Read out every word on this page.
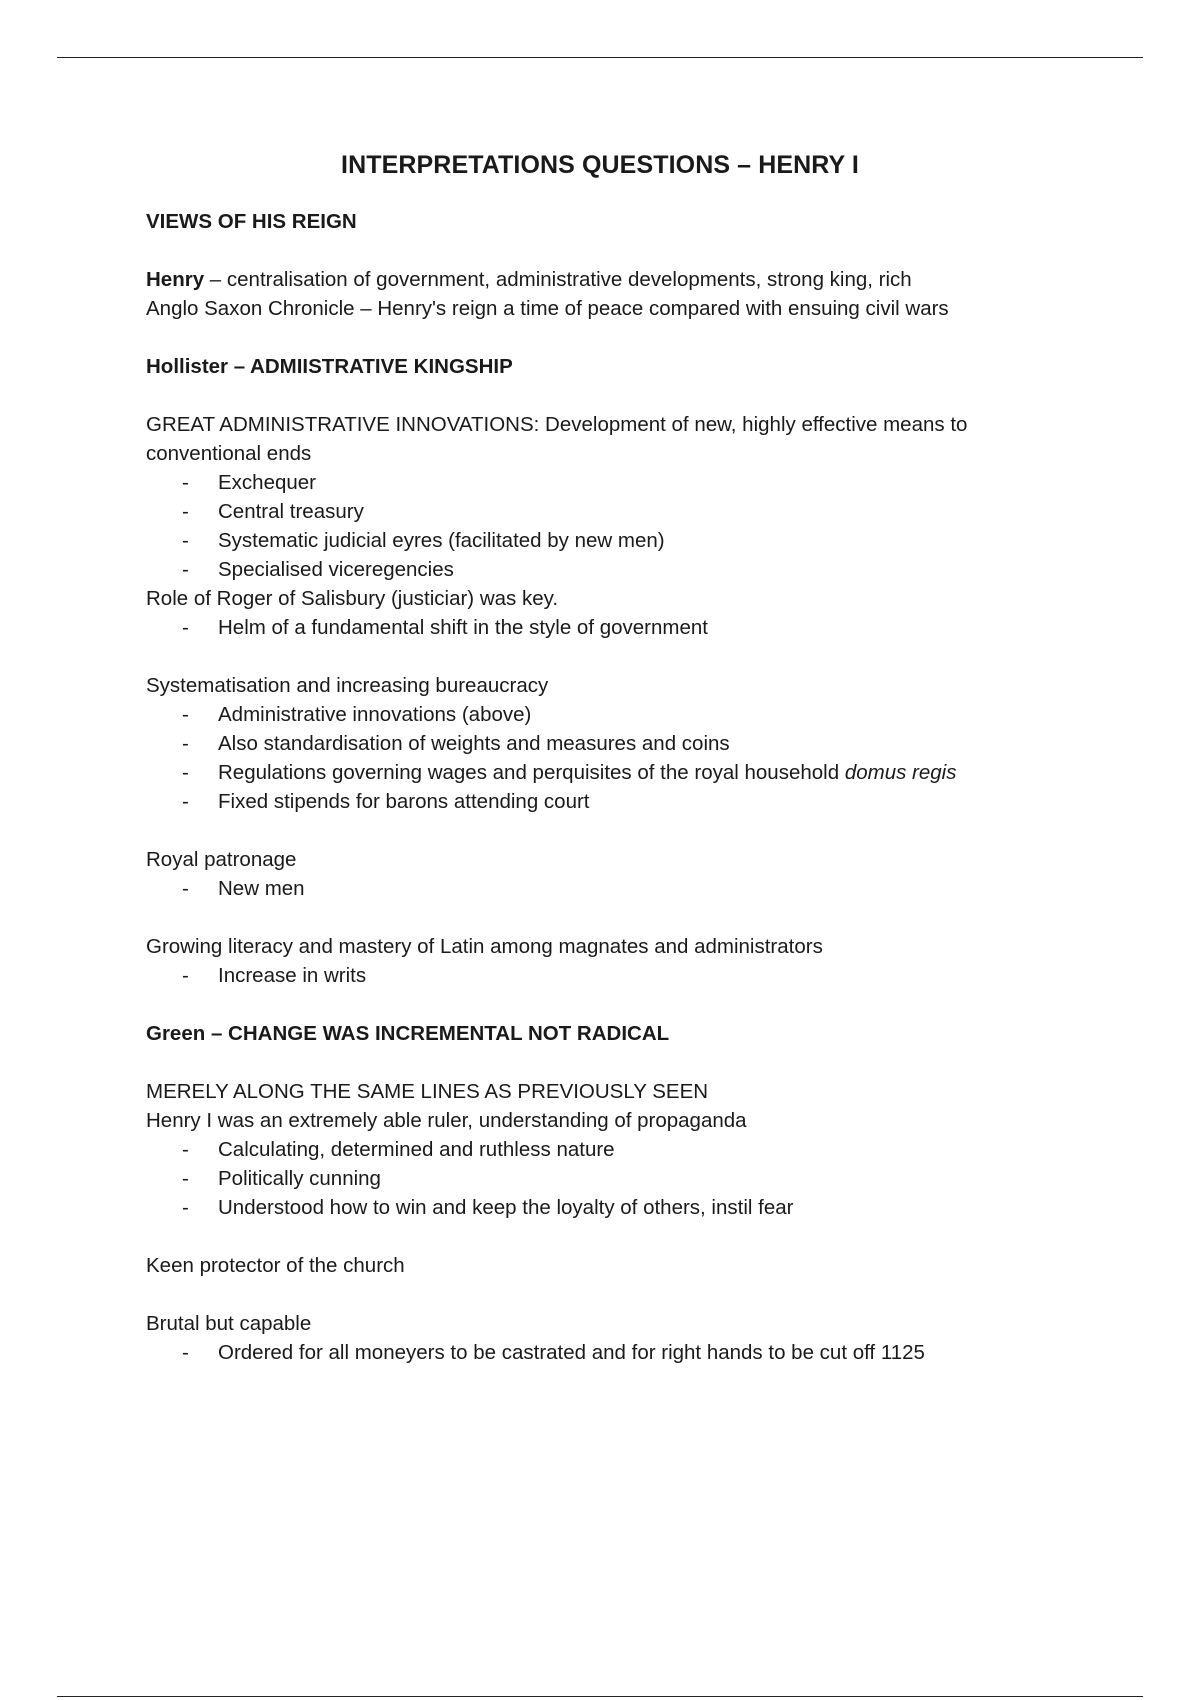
INTERPRETATIONS QUESTIONS – HENRY I

VIEWS OF HIS REIGN

Henry – centralisation of government, administrative developments, strong king, rich

Anglo Saxon Chronicle – Henry's reign a time of peace compared with ensuing civil wars

Hollister – ADMIISTRATIVE KINGSHIP

GREAT ADMINISTRATIVE INNOVATIONS: Development of new, highly effective means to conventional ends

- Exchequer
- Central treasury
- Systematic judicial eyres (facilitated by new men)
- Specialised viceregencies

Role of Roger of Salisbury (justiciar) was key.

- Helm of a fundamental shift in the style of government

Systematisation and increasing bureaucracy

- Administrative innovations (above)
- Also standardisation of weights and measures and coins
- Regulations governing wages and perquisites of the royal household domus regis
- Fixed stipends for barons attending court

Royal patronage

- New men

Growing literacy and mastery of Latin among magnates and administrators

- Increase in writs

Green – CHANGE WAS INCREMENTAL NOT RADICAL

MERELY ALONG THE SAME LINES AS PREVIOUSLY SEEN

Henry I was an extremely able ruler, understanding of propaganda

- Calculating, determined and ruthless nature
- Politically cunning
- Understood how to win and keep the loyalty of others, instil fear

Keen protector of the church

Brutal but capable

- Ordered for all moneyers to be castrated and for right hands to be cut off 1125
